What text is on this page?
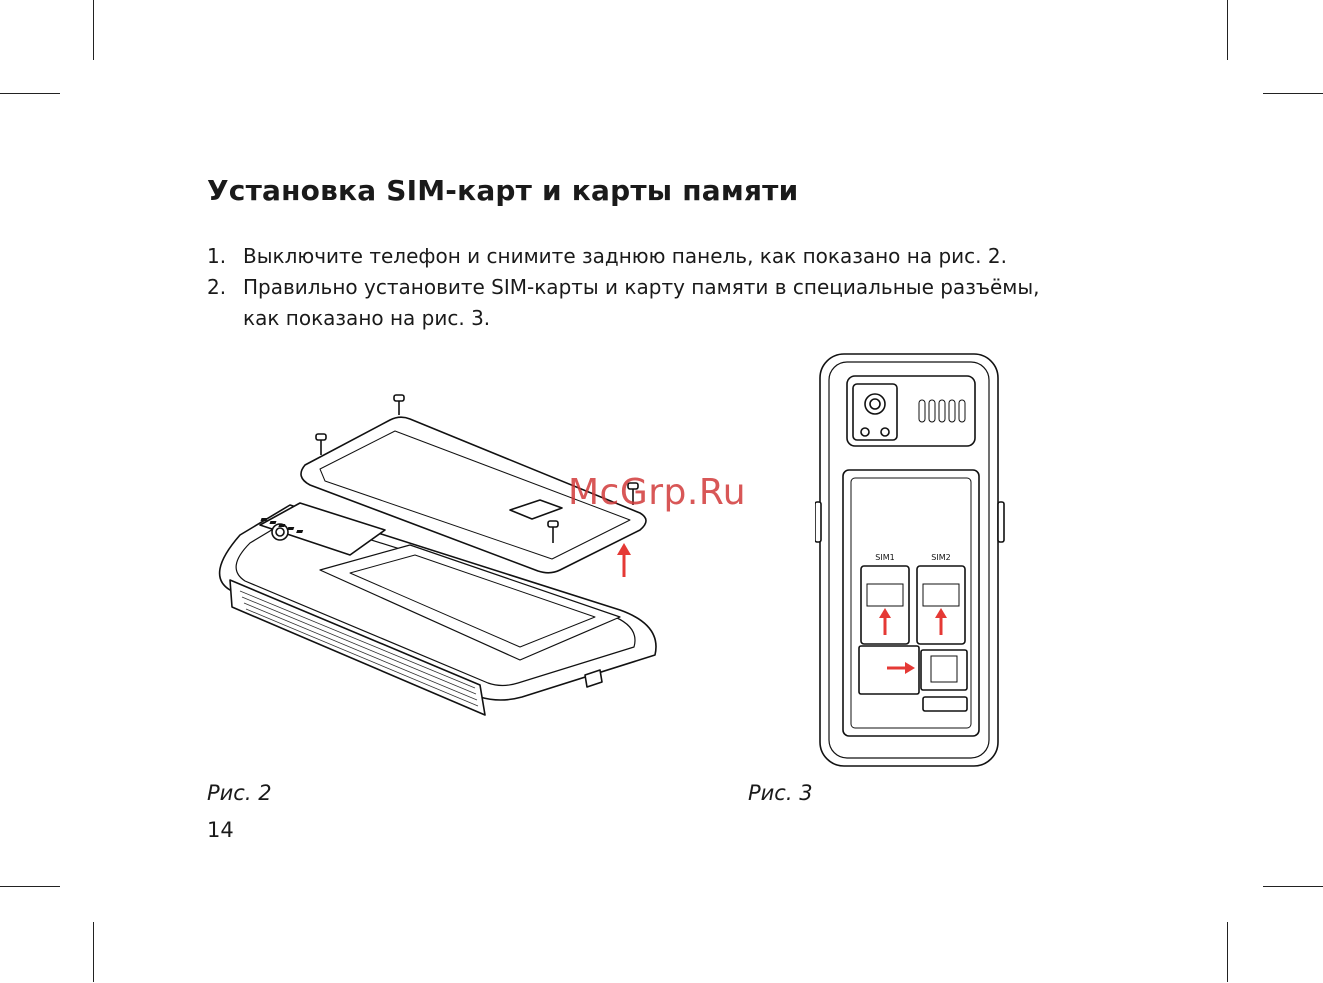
Установка SIM-карт и карты памяти
1. Выключите телефон и снимите заднюю панель, как показано на рис. 2.
2. Правильно установите SIM-карты и карту памяти в специальные разъёмы,
как показано на рис. 3.
SIM1	SIM2
McGrp.Ru
Рис. 2	Рис. 3
14
